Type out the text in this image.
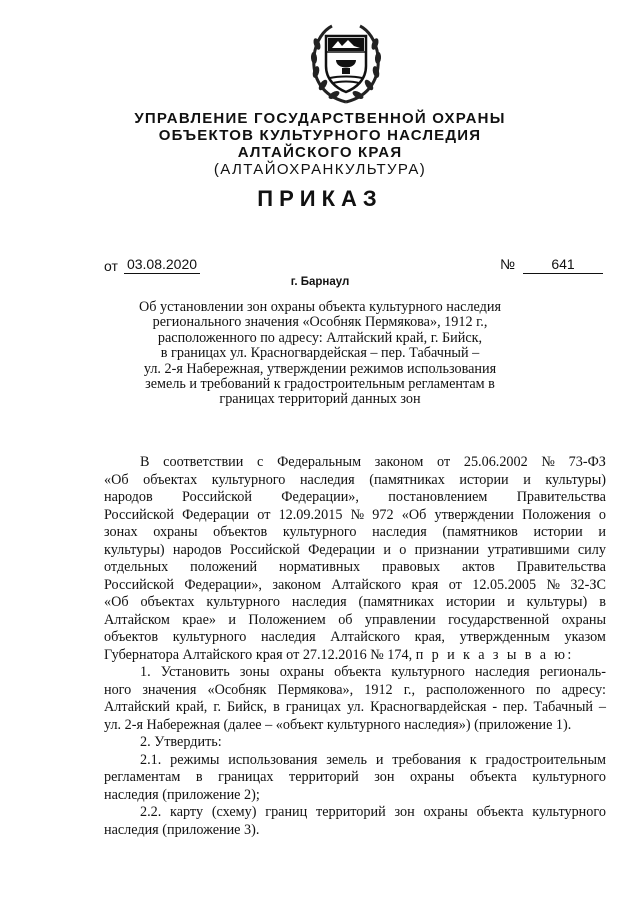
УПРАВЛЕНИЕ ГОСУДАРСТВЕННОЙ ОХРАНЫ
ОБЪЕКТОВ КУЛЬТУРНОГО НАСЛЕДИЯ
АЛТАЙСКОГО КРАЯ
(АЛТАЙОХРАНКУЛЬТУРА)
ПРИКАЗ
от 03.08.2020	№	641
г. Барнаул
Об установлении зон охраны объекта культурного наследия
регионального значения «Особняк Пермякова», 1912 г.,
расположенного по адресу: Алтайский край, г. Бийск,
в границах ул. Красногвардейская – пер. Табачный –
ул. 2-я Набережная, утверждении режимов использования
земель и требований к градостроительным регламентам в
границах территорий данных зон
В соответствии с Федеральным законом от 25.06.2002 № 73-ФЗ
«Об объектах культурного наследия (памятниках истории и культуры)
народов Российской Федерации», постановлением Правительства
Российской Федерации от 12.09.2015 № 972 «Об утверждении Положения о
зонах охраны объектов культурного наследия (памятников истории и
культуры) народов Российской Федерации и о признании утратившими силу
отдельных положений нормативных правовых актов Правительства
Российской Федерации», законом Алтайского края от 12.05.2005 № 32-ЗС
«Об объектах культурного наследия (памятниках истории и культуры) в
Алтайском крае» и Положением об управлении государственной охраны
объектов культурного наследия Алтайского края, утвержденным указом
Губернатора Алтайского края от 27.12.2016 № 174, п р и к а з ы в а ю:
1. Установить зоны охраны объекта культурного наследия региональ-
ного значения «Особняк Пермякова», 1912 г., расположенного по адресу:
Алтайский край, г. Бийск, в границах ул. Красногвардейская - пер. Табачный –
ул. 2-я Набережная (далее – «объект культурного наследия») (приложение 1).
2. Утвердить:
2.1. режимы использования земель и требования к градостроительным
регламентам в границах территорий зон охраны объекта культурного
наследия (приложение 2);
2.2. карту (схему) границ территорий зон охраны объекта культурного
наследия (приложение 3).
